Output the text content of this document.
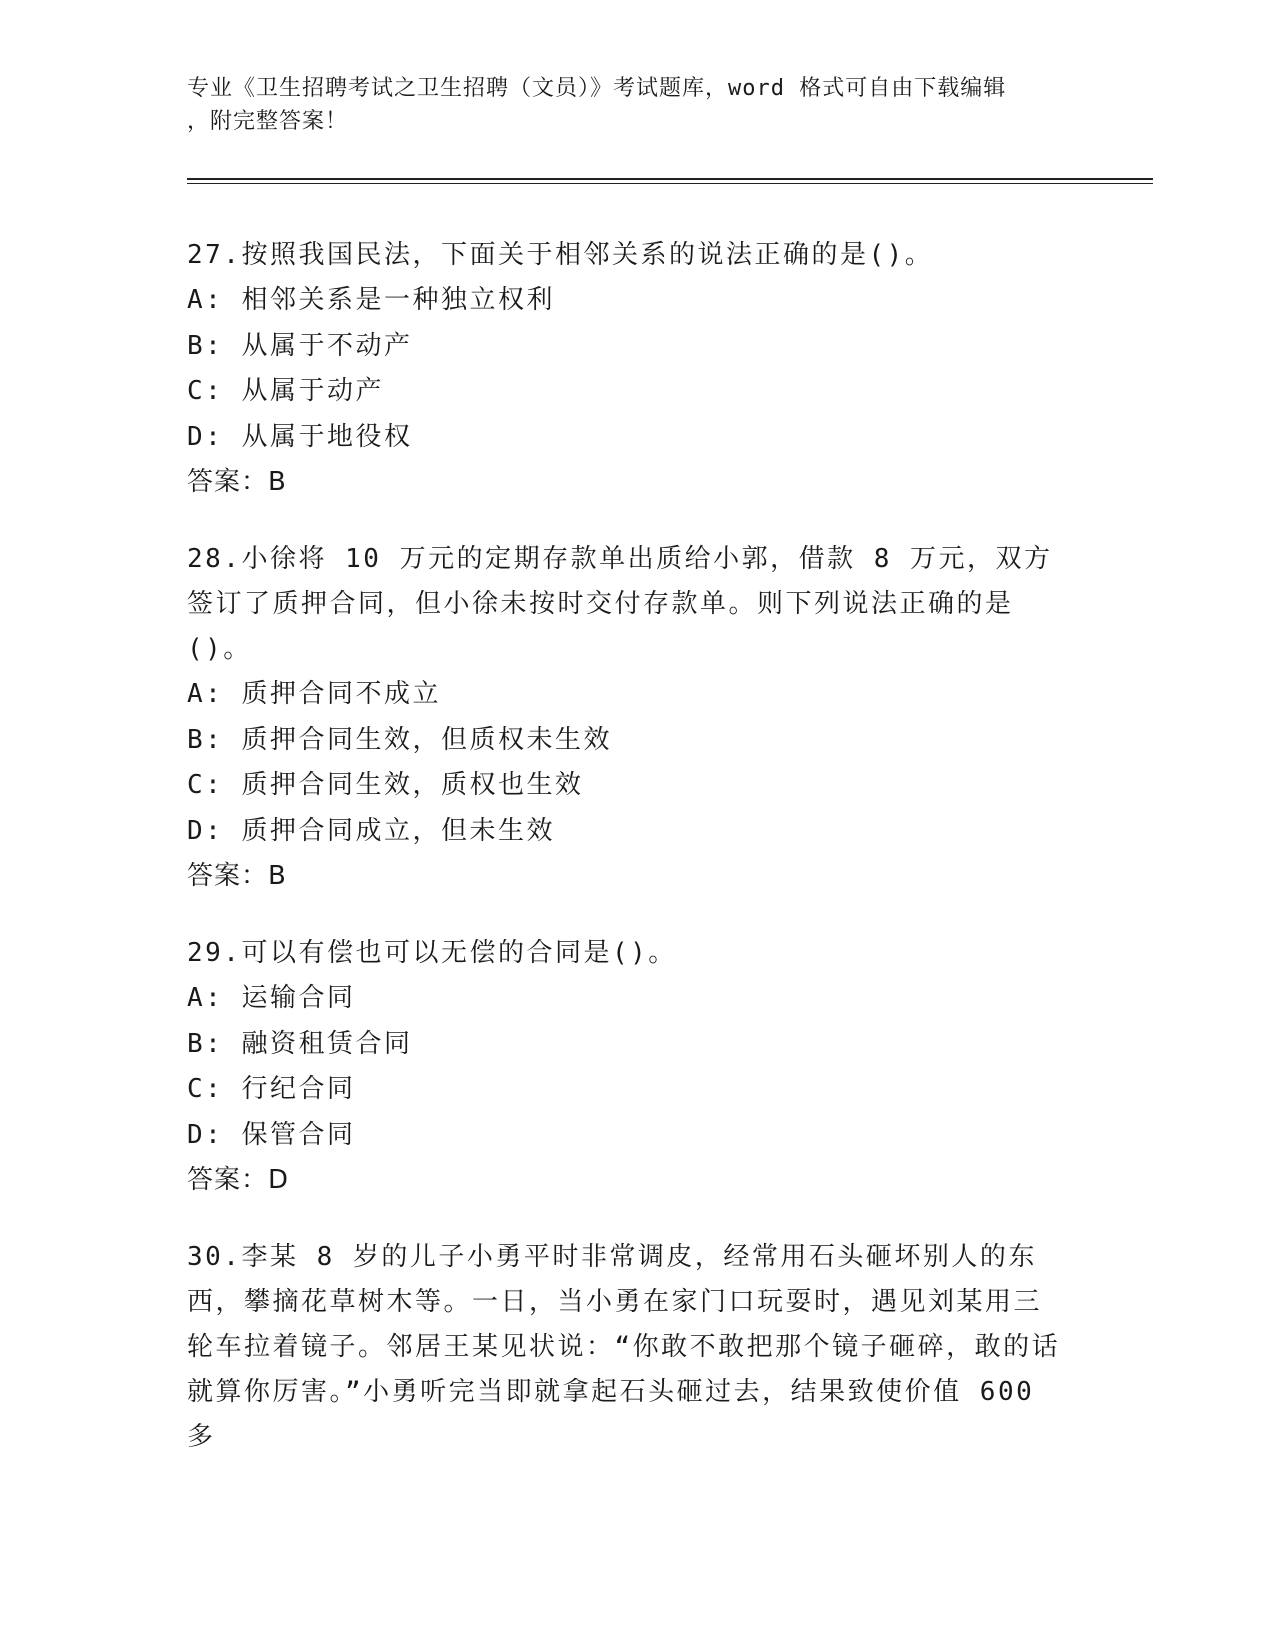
专业《卫生招聘考试之卫生招聘（文员）》考试题库，word 格式可自由下载编辑
，附完整答案！
27.按照我国民法，下面关于相邻关系的说法正确的是()。
A: 相邻关系是一种独立权利
B: 从属于不动产
C: 从属于动产
D: 从属于地役权
答案：B
28.小徐将 10 万元的定期存款单出质给小郭，借款 8 万元，双方签订了质押合同，但小徐未按时交付存款单。则下列说法正确的是()。
A: 质押合同不成立
B: 质押合同生效，但质权未生效
C: 质押合同生效，质权也生效
D: 质押合同成立，但未生效
答案：B
29.可以有偿也可以无偿的合同是()。
A: 运输合同
B: 融资租赁合同
C: 行纪合同
D: 保管合同
答案：D
30.李某 8 岁的儿子小勇平时非常调皮，经常用石头砸坏别人的东西，攀摘花草树木等。一日，当小勇在家门口玩耍时，遇见刘某用三轮车拉着镜子。邻居王某见状说：“你敢不敢把那个镜子砸碎，敢的话就算你厉害。”小勇听完当即就拿起石头砸过去，结果致使价值 600 多
